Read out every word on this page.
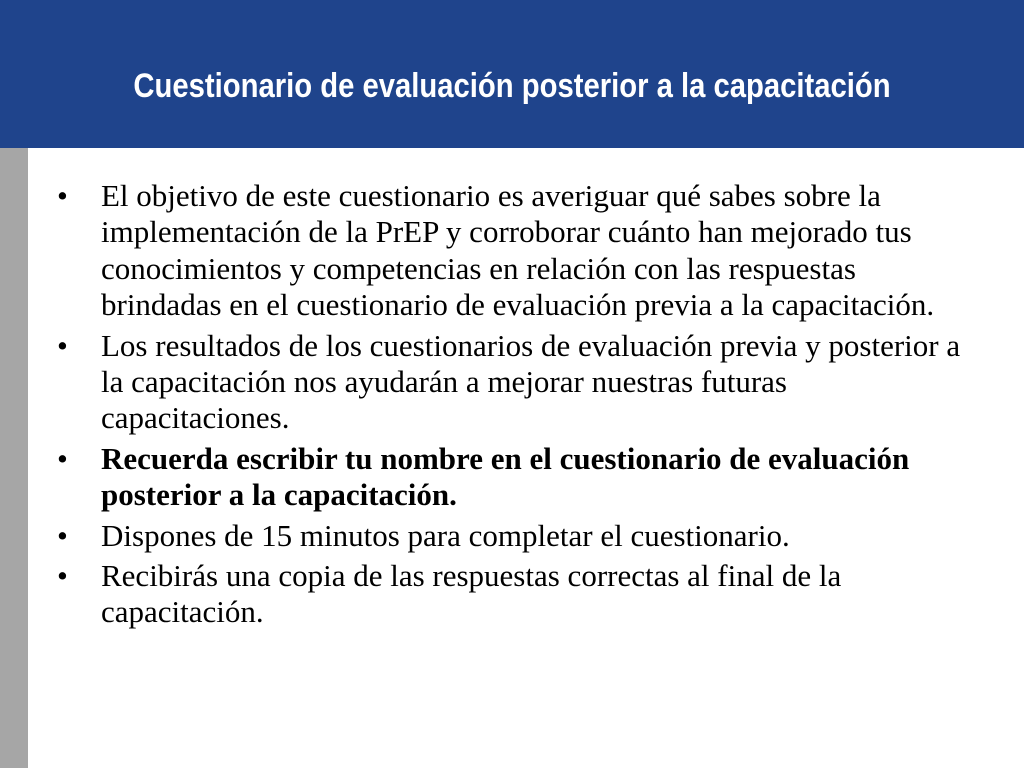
Cuestionario de evaluación posterior a la capacitación
•	El objetivo de este cuestionario es averiguar qué sabes sobre la implementación de la PrEP y corroborar cuánto han mejorado tus conocimientos y competencias en relación con las respuestas brindadas en el cuestionario de evaluación previa a la capacitación.
•	Los resultados de los cuestionarios de evaluación previa y posterior a la capacitación nos ayudarán a mejorar nuestras futuras capacitaciones.
•	Recuerda escribir tu nombre en el cuestionario de evaluación posterior a la capacitación.
•	Dispones de 15 minutos para completar el cuestionario.
•	Recibirás una copia de las respuestas correctas al final de la capacitación.
